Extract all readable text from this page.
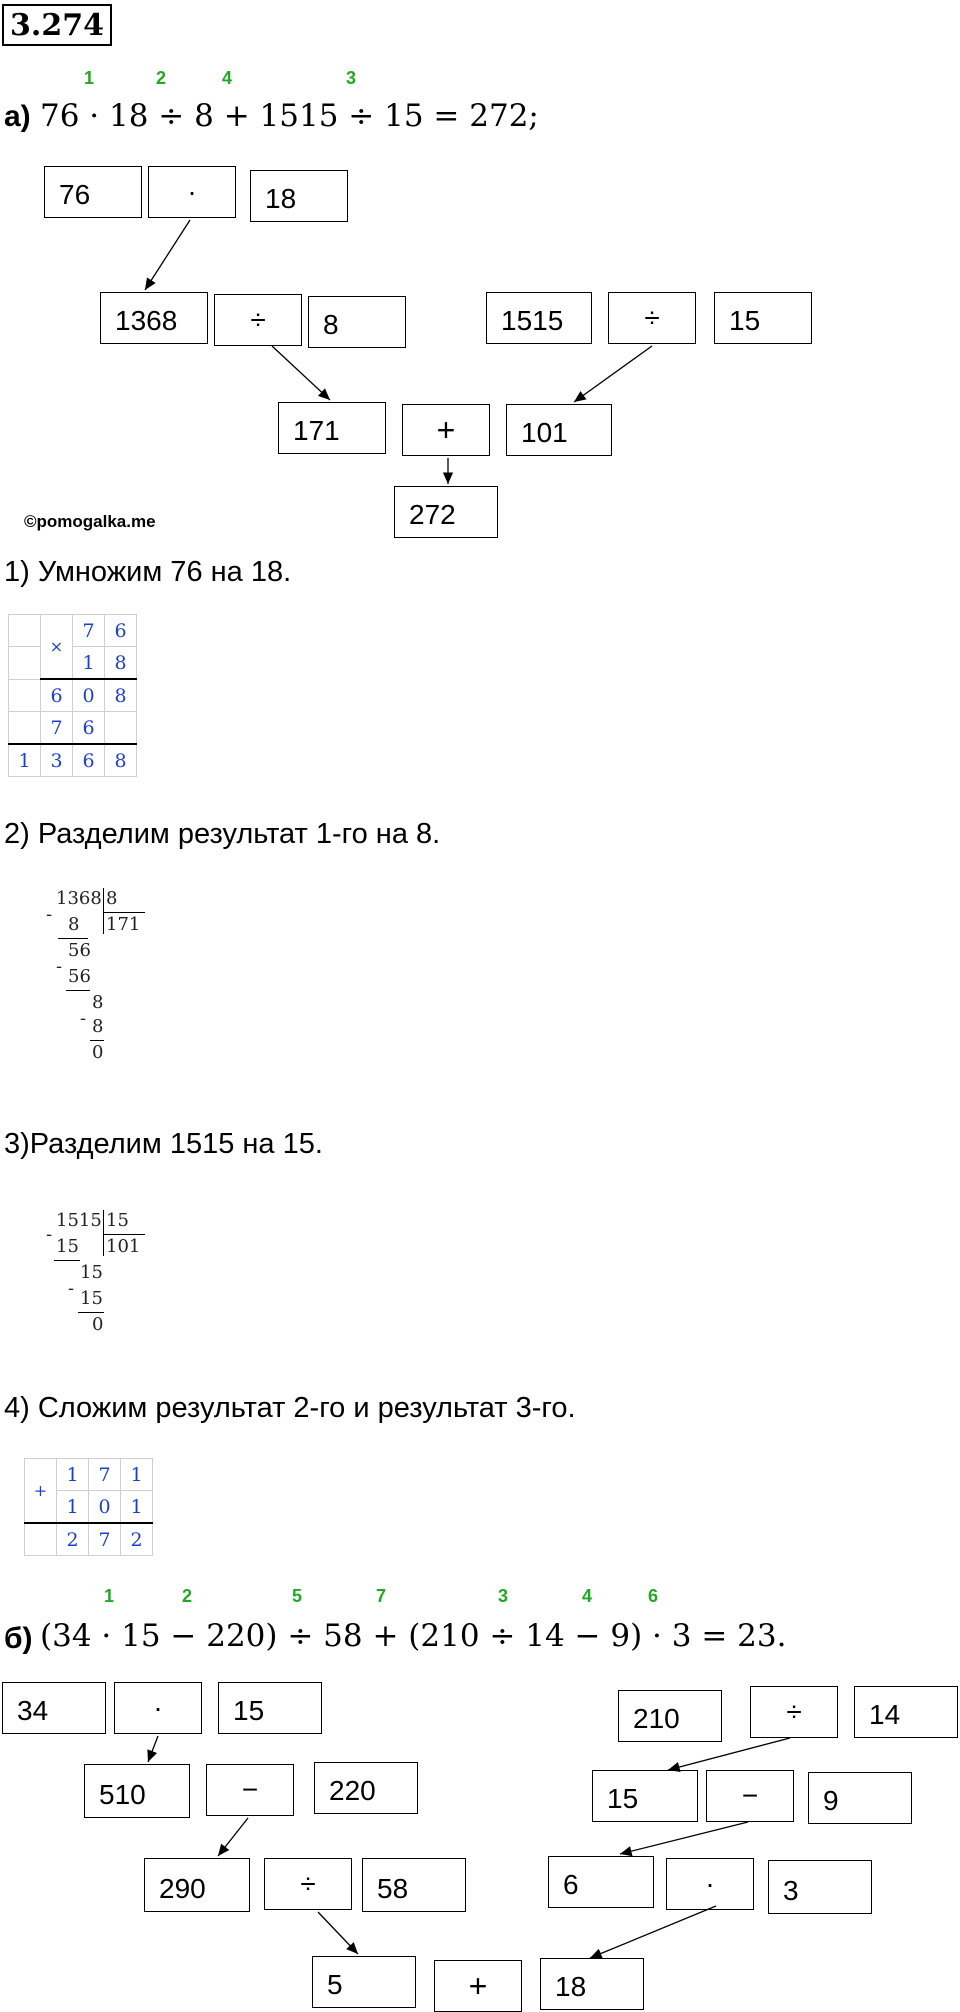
3.274
1	2	4	3
а) 76 · 18 ÷ 8 + 1515 ÷ 15 = 272;
76	·	18
1368	÷	8	1515	÷	15
171	+	101
272
©pomogalka.me
1) Умножим 76 на 18.
	×	7	6
		1	8
	6	0	8
	7	6	
1	3	6	8
2) Разделим результат 1-го на 8.
1368 8
171
- 8
56
- 56
8
- 8
0
3)Разделим 1515 на 15.
1515 15
101
-
15
15
- 15
0
4) Сложим результат 2-го и результат 3-го.
+	1	7	1
	1	0	1
	2	7	2
1	2	5	7	3	4	6
б) (34 · 15 − 220) ÷ 58 + (210 ÷ 14 − 9) · 3 = 23.
34	·	15
510	−	220
290	÷	58
5	+	18
210	÷	14
15	−	9
6	·	3
